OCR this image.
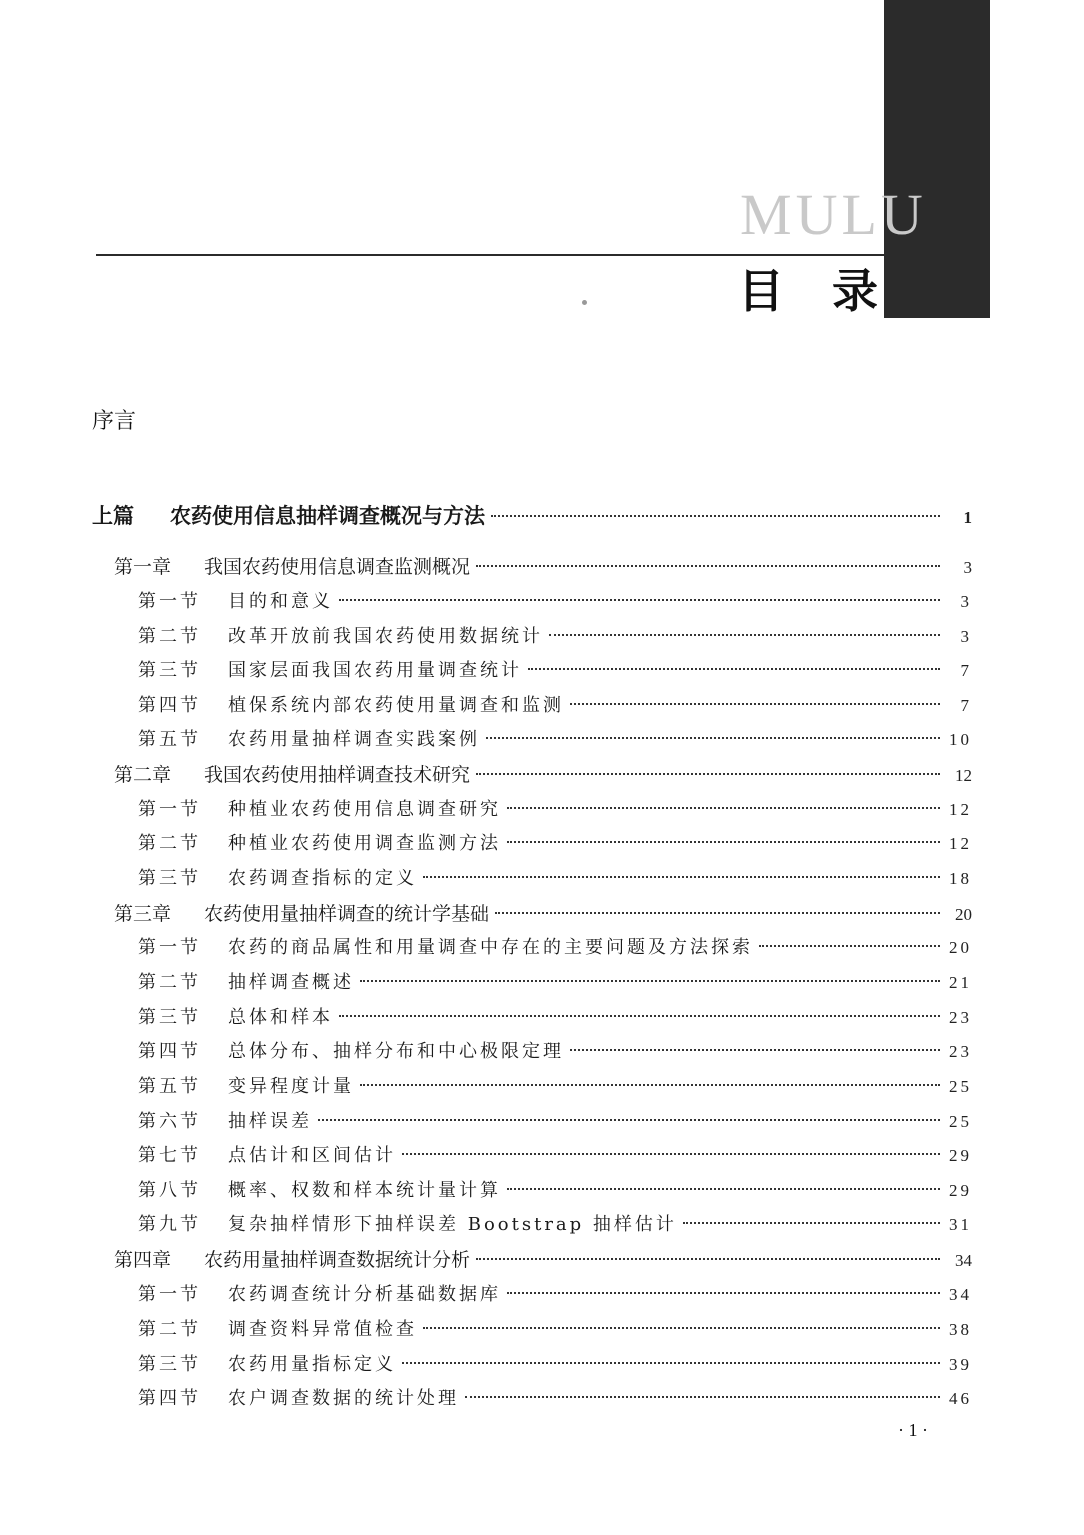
MULU
目 录
序言
上篇	农药使用信息抽样调查概况与方法	1
第一章	我国农药使用信息调查监测概况	3
第一节	目的和意义	3
第二节	改革开放前我国农药使用数据统计	3
第三节	国家层面我国农药用量调查统计	7
第四节	植保系统内部农药使用量调查和监测	7
第五节	农药用量抽样调查实践案例	10
第二章	我国农药使用抽样调查技术研究	12
第一节	种植业农药使用信息调查研究	12
第二节	种植业农药使用调查监测方法	12
第三节	农药调查指标的定义	18
第三章	农药使用量抽样调查的统计学基础	20
第一节	农药的商品属性和用量调查中存在的主要问题及方法探索	20
第二节	抽样调查概述	21
第三节	总体和样本	23
第四节	总体分布、抽样分布和中心极限定理	23
第五节	变异程度计量	25
第六节	抽样误差	25
第七节	点估计和区间估计	29
第八节	概率、权数和样本统计量计算	29
第九节	复杂抽样情形下抽样误差 Bootstrap 抽样估计	31
第四章	农药用量抽样调查数据统计分析	34
第一节	农药调查统计分析基础数据库	34
第二节	调查资料异常值检查	38
第三节	农药用量指标定义	39
第四节	农户调查数据的统计处理	46
· 1 ·
